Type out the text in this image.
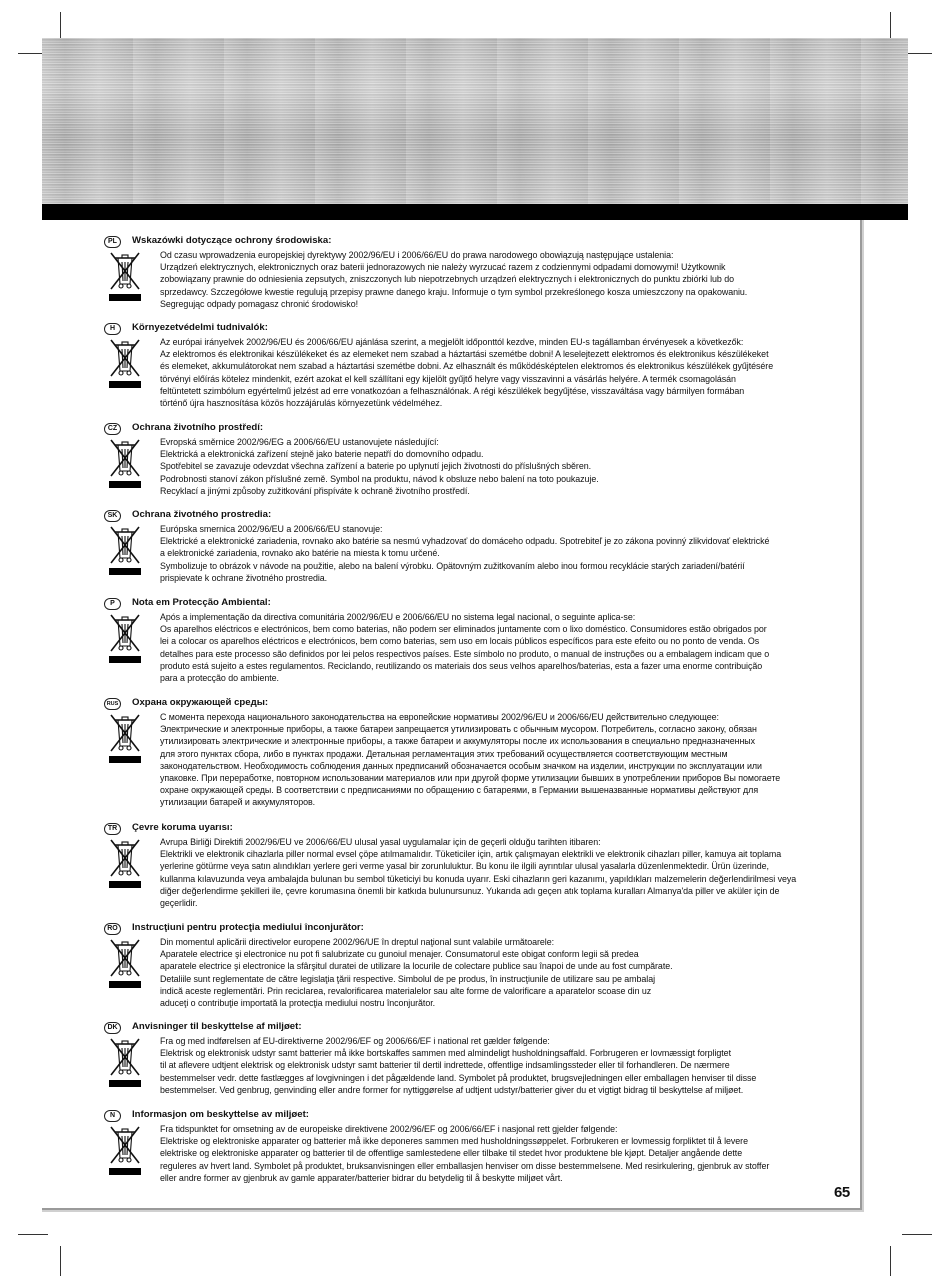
PL	Wskazówki dotyczące ochrony środowiska:

Od czasu wprowadzenia europejskiej dyrektywy 2002/96/EU i 2006/66/EU do prawa narodowego obowiązują następujące ustalenia:

Urządzeń elektrycznych, elektronicznych oraz baterii jednorazowych nie należy wyrzucać razem z codziennymi odpadami domowymi! Użytkownik

zobowiązany prawnie do odniesienia zepsutych, zniszczonych lub niepotrzebnych urządzeń elektrycznych i elektronicznych do punktu zbiórki lub do

sprzedawcy. Szczegółowe kwestie regulują przepisy prawne danego kraju. Informuje o tym symbol przekreślonego kosza umieszczony na opakowaniu.

Segregując odpady pomagasz chronić środowisko!

H	Környezetvédelmi tudnivalók:

Az európai irányelvek 2002/96/EU és 2006/66/EU ajánlása szerint, a megjelölt időponttól kezdve, minden EU-s tagállamban érvényesek a következők:

Az elektromos és elektronikai készülékeket és az elemeket nem szabad a háztartási szemétbe dobni! A leselejtezett elektromos és elektronikus készülékeket

és elemeket, akkumulátorokat nem szabad a háztartási szemétbe dobni. Az elhasznált és működésképtelen elektromos és elektronikus készülékek gyűjtésére

törvényi előírás kötelez mindenkit, ezért azokat el kell szállítani egy kijelölt gyűjtő helyre vagy visszavinni a vásárlás helyére. A termék csomagolásán

feltüntetett szimbólum egyértelmű jelzést ad erre vonatkozóan a felhasználónak. A régi készülékek begyűjtése, visszaváltása vagy bármilyen formában

történő újra hasznosítása közös hozzájárulás környezetünk védelméhez.

CZ	Ochrana životního prostředí:

Evropská směrnice 2002/96/EG a 2006/66/EU ustanovujete následující:

Elektrická a elektronická zařízení stejně jako baterie nepatří do domovního odpadu.

Spotřebitel se zavazuje odevzdat všechna zařízení a baterie po uplynutí jejich životnosti do příslušných sběren.

Podrobnosti stanoví zákon příslušné země. Symbol na produktu, návod k obsluze nebo balení na toto poukazuje.

Recyklací a jinými způsoby zužitkování přispíváte k ochraně životního prostředí.

SK	Ochrana životného prostredia:

Európska smernica 2002/96/EU a 2006/66/EU stanovuje:

Elektrické a elektronické zariadenia, rovnako ako batérie sa nesmú vyhadzovať do domáceho odpadu. Spotrebiteľ je zo zákona povinný zlikvidovať elektrické

a elektronické zariadenia, rovnako ako batérie na miesta k tomu určené.

Symbolizuje to obrázok v návode na použitie, alebo na balení výrobku. Opätovným zužitkovaním alebo inou formou recyklácie starých zariadení/batérií

prispievate k ochrane životného prostredia.

P	Nota em Protecção Ambiental:

Após a implementação da directiva comunitária 2002/96/EU e 2006/66/EU no sistema legal nacional, o seguinte aplica-se:

Os aparelhos eléctricos e electrónicos, bem como baterias, não podem ser eliminados juntamente com o lixo doméstico. Consumidores estão obrigados por

lei a colocar os aparelhos eléctricos e electrónicos, bem como baterias, sem uso em locais públicos específicos para este efeito ou no ponto de venda. Os

detalhes para este processo são definidos por lei pelos respectivos países. Este símbolo no produto, o manual de instruções ou a embalagem indicam que o

produto está sujeito a estes regulamentos. Reciclando, reutilizando os materiais dos seus velhos aparelhos/baterias, esta a fazer uma enorme contribuição

para a protecção do ambiente.

RUS Охрана окружающей среды:

С момента перехода национального законодательства на европейские нормативы 2002/96/EU и 2006/66/EU действительно следующее:

Электрические и электронные приборы, а также батареи запрещается утилизировать с обычным мусором. Потребитель, согласно закону, обязан

утилизировать электрические и электронные приборы, а также батареи и аккумуляторы после их использования в специально предназначенных

для этого пунктах сбора, либо в пунктах продажи. Детальная регламентация этих требований осуществляется соответствующим местным

законодательством. Необходимость соблюдения данных предписаний обозначается особым значком на изделии, инструкции по эксплуатации или

упаковке. При переработке, повторном использовании материалов или при другой форме утилизации бывших в употреблении приборов Вы помогаете

охране окружающей среды. В соответствии с предписаниями по обращению с батареями, в Германии вышеназванные нормативы действуют для

утилизации батарей и аккумуляторов.

TR	Çevre koruma uyarısı:

Avrupa Birliği Direktifi 2002/96/EU ve 2006/66/EU ulusal yasal uygulamalar için de geçerli olduğu tarihten itibaren:

Elektrikli ve elektronik cihazlarla piller normal evsel çöpe atılmamalıdır. Tüketiciler için, artık çalışmayan elektrikli ve elektronik cihazları piller, kamuya ait toplama

yerlerine götürme veya satın alındıkları yerlere geri verme yasal bir zorunluluktur. Bu konu ile ilgili ayrıntılar ulusal yasalarla düzenlenmektedir. Ürün üzerinde,

kullanma kılavuzunda veya ambalajda bulunan bu sembol tüketiciyi bu konuda uyarır. Eski cihazların geri kazanımı, yapıldıkları malzemelerin değerlendirilmesi veya

diğer değerlendirme şekilleri ile, çevre korumasına önemli bir katkıda bulunursunuz. Yukarıda adı geçen atık toplama kuralları Almanya'da piller ve aküler için de

geçerlidir.

RO	Instrucţiuni pentru protecţia mediului înconjurător:

Din momentul aplicării directivelor europene 2002/96/UE în dreptul naţional sunt valabile următoarele:

Aparatele electrice şi electronice nu pot fi salubrizate cu gunoiul menajer. Consumatorul este obigat conform legii să predea

aparatele electrice şi electronice la sfârşitul duratei de utilizare la locurile de colectare publice sau înapoi de unde au fost cumpărate.

Detaliile sunt reglementate de către legislaţia ţării respective. Simbolul de pe produs, în instrucţiunile de utilizare sau pe ambalaj

indică aceste reglementări. Prin reciclarea, revalorificarea materialelor sau alte forme de valorificare a aparatelor scoase din uz

aduceţi o contribuţie importată la protecţia mediului nostru înconjurător.

DK	Anvisninger til beskyttelse af miljøet:

Fra og med indførelsen af EU-direktiverne 2002/96/EF og 2006/66/EF i national ret gælder følgende:

Elektrisk og elektronisk udstyr samt batterier må ikke bortskaffes sammen med almindeligt husholdningsaffald. Forbrugeren er lovmæssigt forpligtet

til at aflevere udtjent elektrisk og elektronisk udstyr samt batterier til dertil indrettede, offentlige indsamlingssteder eller til forhandleren. De nærmere

bestemmelser vedr. dette fastlægges af lovgivningen i det pågældende land. Symbolet på produktet, brugsvejledningen eller emballagen henviser til disse

bestemmelser. Ved genbrug, genvinding eller andre former for nyttiggørelse af udtjent udstyr/batterier giver du et vigtigt bidrag til beskyttelse af miljøet.

N	Informasjon om beskyttelse av miljøet:

Fra tidspunktet for omsetning av de europeiske direktivene 2002/96/EF og 2006/66/EF i nasjonal rett gjelder følgende:

Elektriske og elektroniske apparater og batterier må ikke deponeres sammen med husholdningssøppelet. Forbrukeren er lovmessig forpliktet til å levere

elektriske og elektroniske apparater og batterier til de offentlige samlestedene eller tilbake til stedet hvor produktene ble kjøpt. Detaljer angående dette

reguleres av hvert land. Symbolet på produktet, bruksanvisningen eller emballasjen henviser om disse bestemmelsene. Med resirkulering, gjenbruk av stoffer

eller andre former av gjenbruk av gamle apparater/batterier bidrar du betydelig til å beskytte miljøet vårt.

65
